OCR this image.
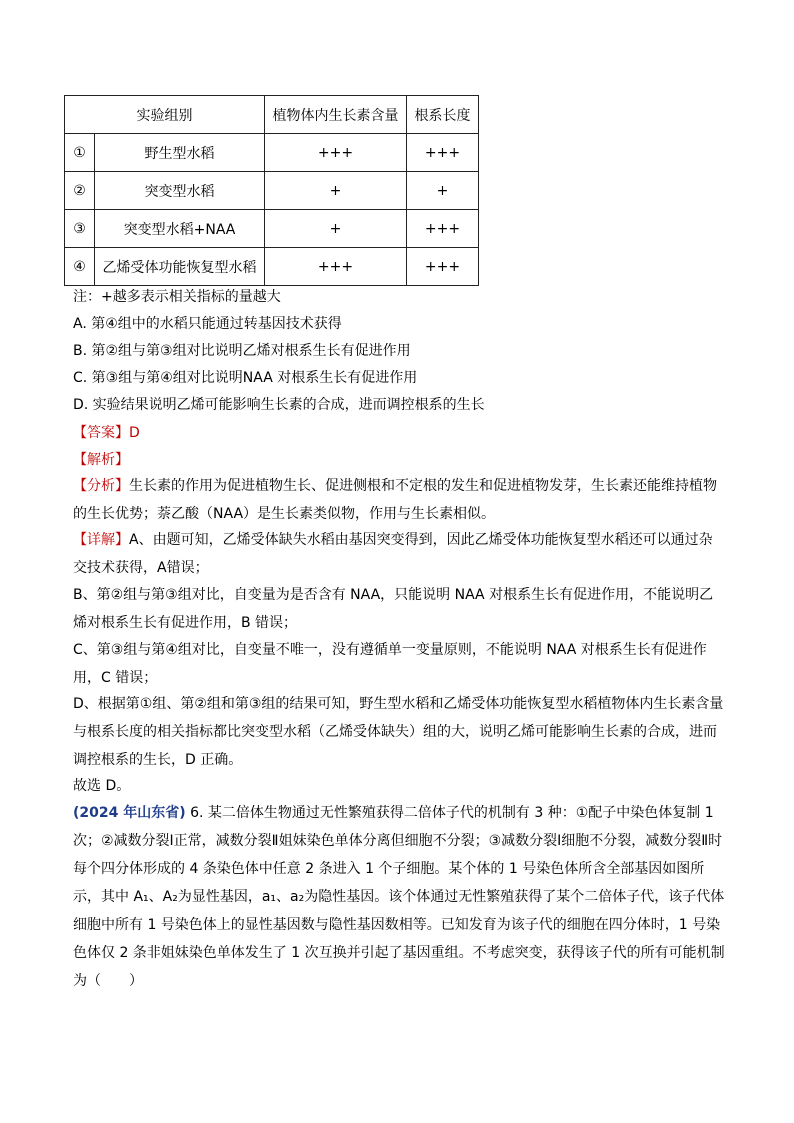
实验组别		植物体内生长素含量	根系长度
①	野生型水稻	+++	+++
②	突变型水稻	+	+
③	突变型水稻+NAA	+	+++
④	乙烯受体功能恢复型水稻	+++	+++
注：+越多表示相关指标的量越大
A. 第④组中的水稻只能通过转基因技术获得
B. 第②组与第③组对比说明乙烯对根系生长有促进作用
C. 第③组与第④组对比说明NAA 对根系生长有促进作用
D. 实验结果说明乙烯可能影响生长素的合成，进而调控根系的生长
【答案】D
【解析】
【分析】生长素的作用为促进植物生长、促进侧根和不定根的发生和促进植物发芽，生长素还能维持植物的生长优势；萘乙酸（NAA）是生长素类似物，作用与生长素相似。
【详解】A、由题可知，乙烯受体缺失水稻由基因突变得到，因此乙烯受体功能恢复型水稻还可以通过杂交技术获得，A错误；
B、第②组与第③组对比，自变量为是否含有 NAA，只能说明 NAA 对根系生长有促进作用，不能说明乙烯对根系生长有促进作用，B 错误；
C、第③组与第④组对比，自变量不唯一，没有遵循单一变量原则，不能说明 NAA 对根系生长有促进作用，C 错误；
D、根据第①组、第②组和第③组的结果可知，野生型水稻和乙烯受体功能恢复型水稻植物体内生长素含量与根系长度的相关指标都比突变型水稻（乙烯受体缺失）组的大，说明乙烯可能影响生长素的合成，进而调控根系的生长，D 正确。
故选 D。
(2024 年山东省) 6. 某二倍体生物通过无性繁殖获得二倍体子代的机制有 3 种：①配子中染色体复制 1 次；②减数分裂Ⅰ正常，减数分裂Ⅱ姐妹染色单体分离但细胞不分裂；③减数分裂Ⅰ细胞不分裂，减数分裂Ⅱ时每个四分体形成的 4 条染色体中任意 2 条进入 1 个子细胞。某个体的 1 号染色体所含全部基因如图所示，其中 A₁、A₂为显性基因，a₁、a₂为隐性基因。该个体通过无性繁殖获得了某个二倍体子代，该子代体细胞中所有 1 号染色体上的显性基因数与隐性基因数相等。已知发育为该子代的细胞在四分体时，1 号染色体仅 2 条非姐妹染色单体发生了 1 次互换并引起了基因重组。不考虑突变，获得该子代的所有可能机制为（　　）
